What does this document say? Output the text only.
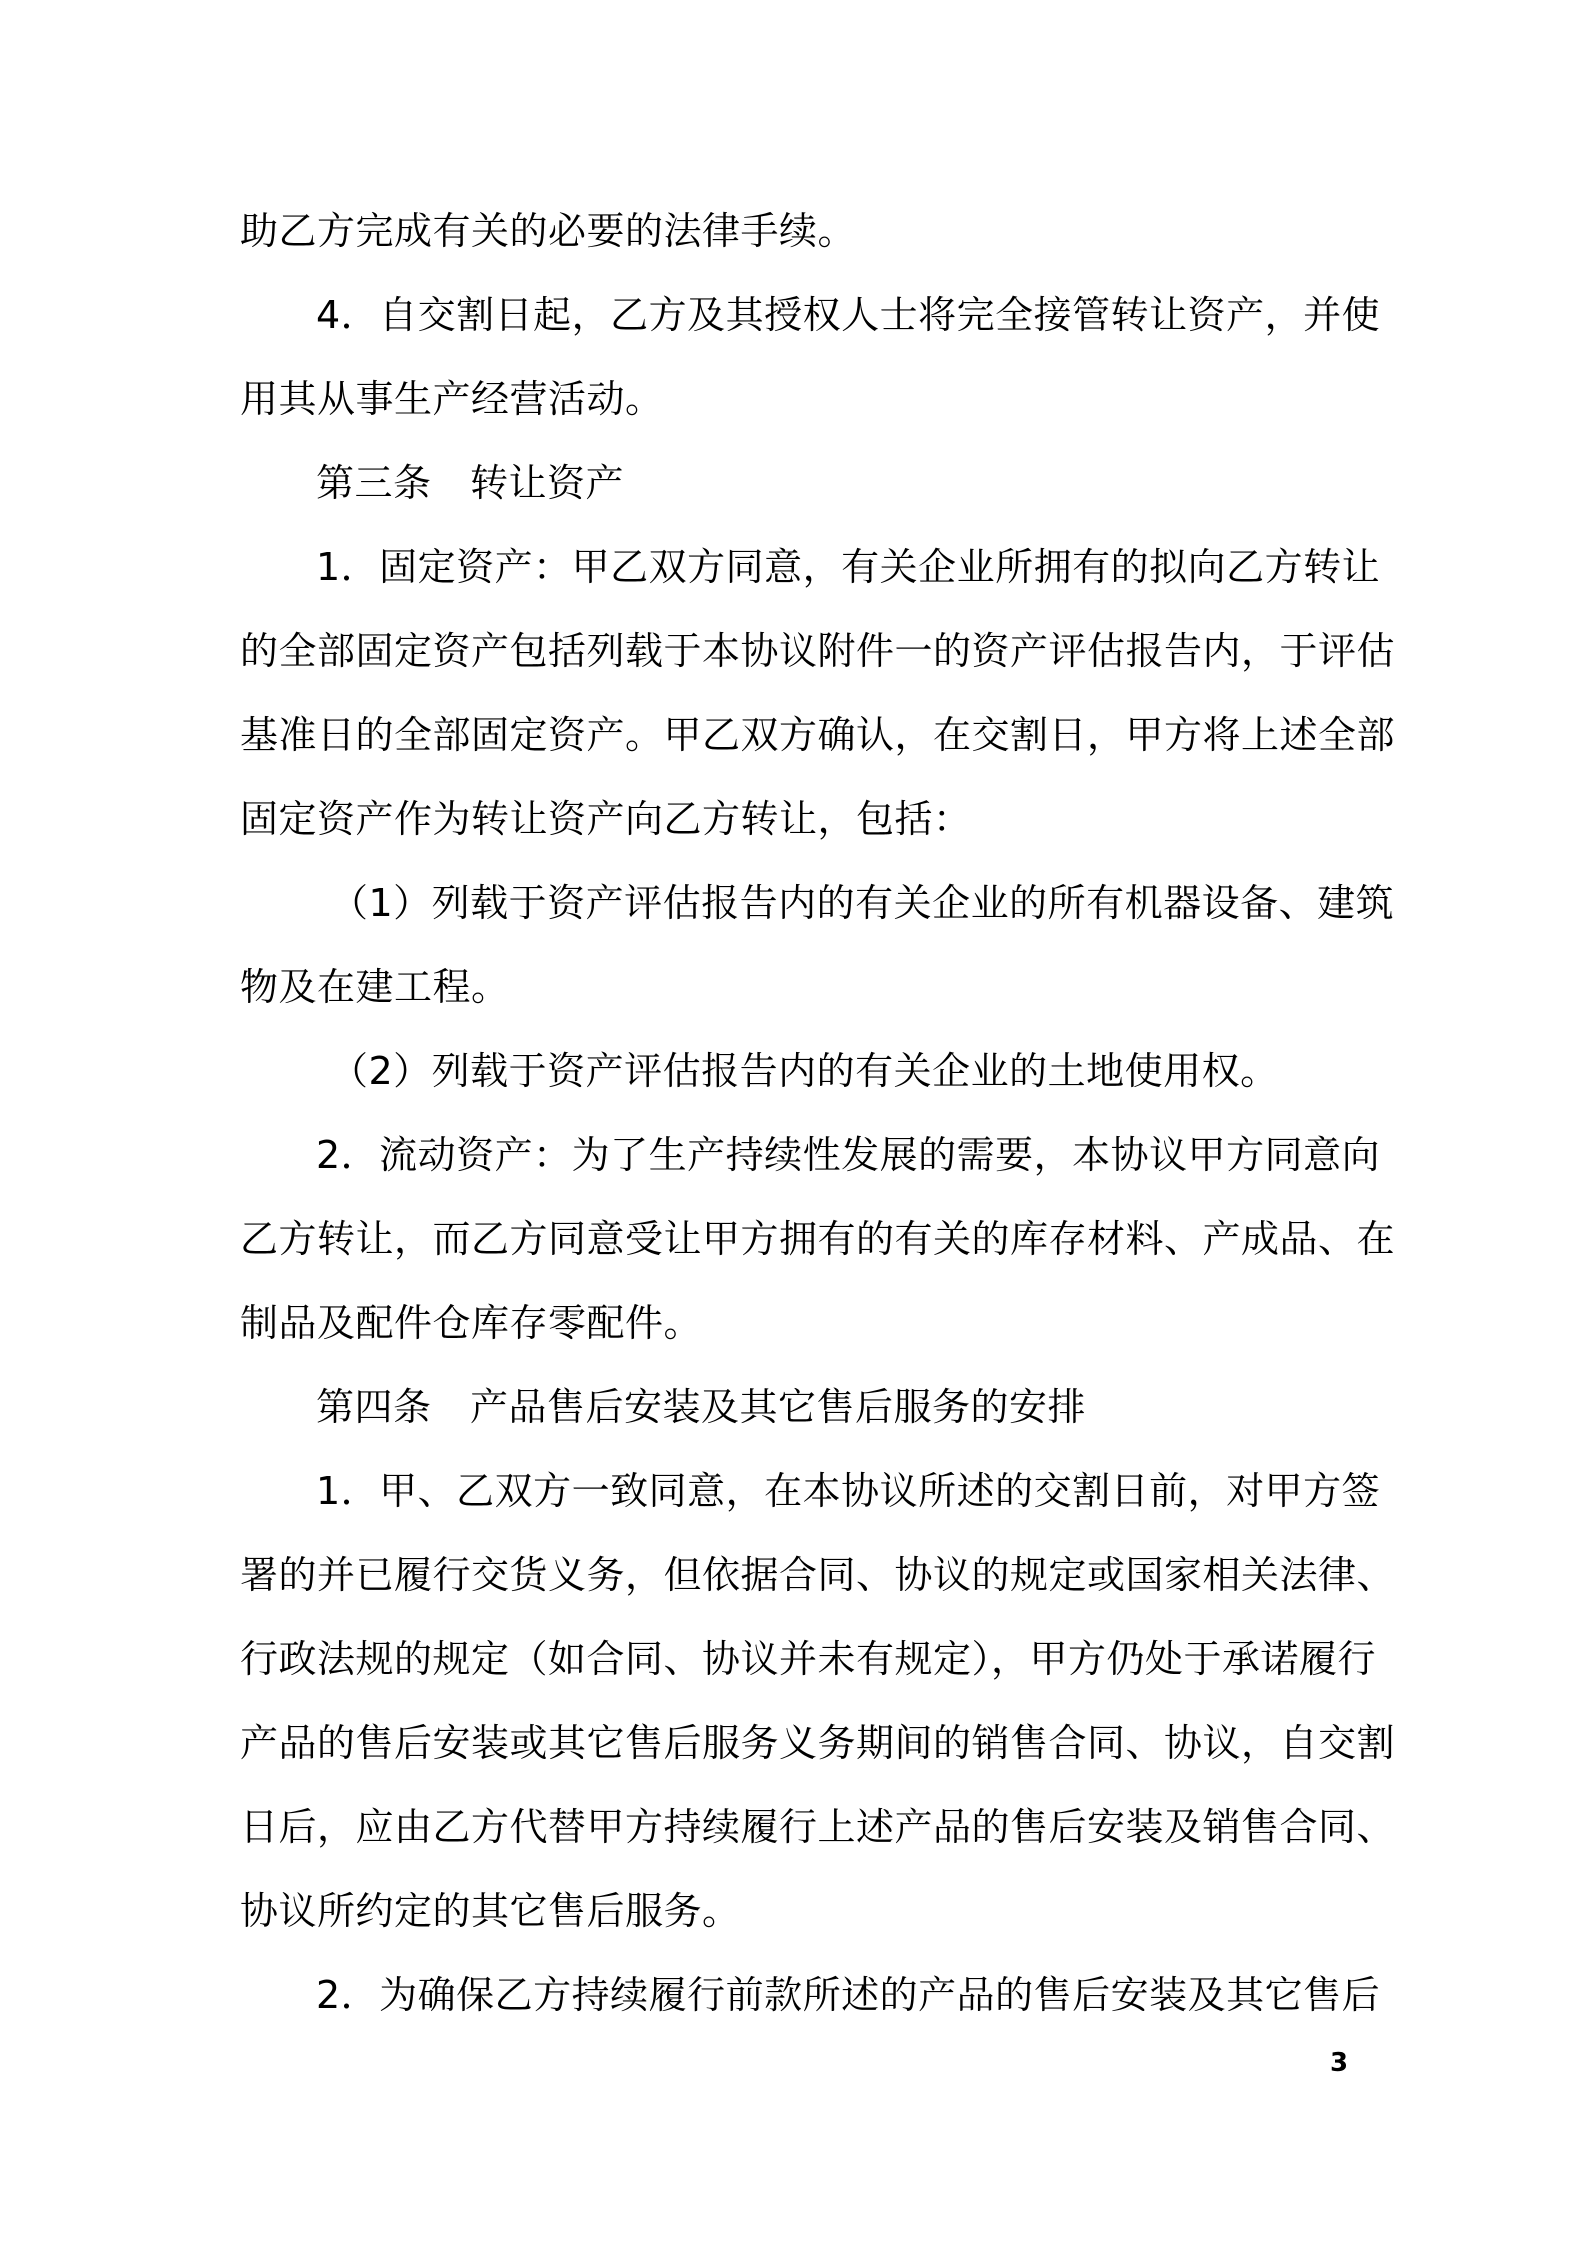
助乙方完成有关的必要的法律手续。
4．自交割日起，乙方及其授权人士将完全接管转让资产，并使
用其从事生产经营活动。
第三条　转让资产
1．固定资产：甲乙双方同意，有关企业所拥有的拟向乙方转让
的全部固定资产包括列载于本协议附件一的资产评估报告内，于评估
基准日的全部固定资产。甲乙双方确认，在交割日，甲方将上述全部
固定资产作为转让资产向乙方转让，包括：
（1）列载于资产评估报告内的有关企业的所有机器设备、建筑
物及在建工程。
（2）列载于资产评估报告内的有关企业的土地使用权。
2．流动资产：为了生产持续性发展的需要，本协议甲方同意向
乙方转让，而乙方同意受让甲方拥有的有关的库存材料、产成品、在
制品及配件仓库存零配件。
第四条　产品售后安装及其它售后服务的安排
1．甲、乙双方一致同意，在本协议所述的交割日前，对甲方签
署的并已履行交货义务，但依据合同、协议的规定或国家相关法律、
行政法规的规定（如合同、协议并未有规定），甲方仍处于承诺履行
产品的售后安装或其它售后服务义务期间的销售合同、协议，自交割
日后，应由乙方代替甲方持续履行上述产品的售后安装及销售合同、
协议所约定的其它售后服务。
2．为确保乙方持续履行前款所述的产品的售后安装及其它售后
3
